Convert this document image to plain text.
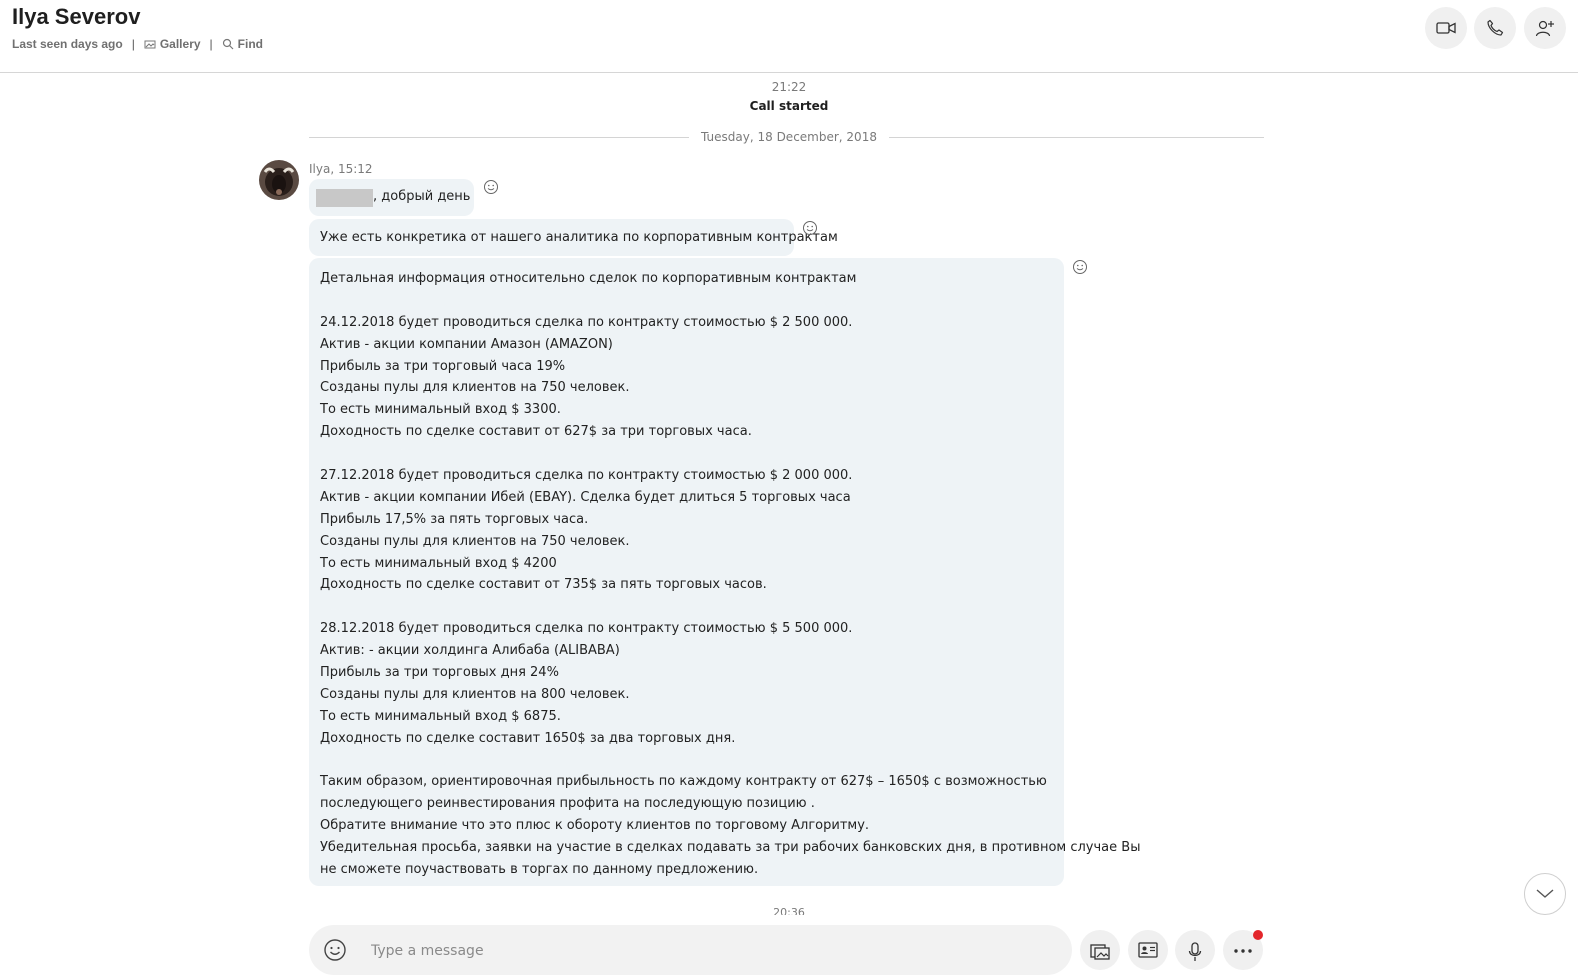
Ilya Severov
Last seen days ago | Gallery | Find
21:22
Call started
Tuesday, 18 December, 2018
Ilya, 15:12
, добрый день
Уже есть конкретика от нашего аналитика по корпоративным контрактам
Детальная информация относительно сделок по корпоративным контрактам
24.12.2018 будет проводиться сделка по контракту стоимостью $ 2 500 000.
Актив - акции компании Амазон (AMAZON)
Прибыль за три торговый часа 19%
Созданы пулы для клиентов на 750 человек.
То есть минимальный вход $ 3300.
Доходность по сделке составит от 627$ за три торговых часа.
27.12.2018 будет проводиться сделка по контракту стоимостью $ 2 000 000.
Актив - акции компании Ибей (EBAY). Сделка будет длиться 5 торговых часа
Прибыль 17,5% за пять торговых часа.
Созданы пулы для клиентов на 750 человек.
То есть минимальный вход $ 4200
Доходность по сделке составит от 735$ за пять торговых часов.
28.12.2018 будет проводиться сделка по контракту стоимостью $ 5 500 000.
Актив: - акции холдинга Алибаба (ALIBABA)
Прибыль за три торговых дня 24%
Созданы пулы для клиентов на 800 человек.
То есть минимальный вход $ 6875.
Доходность по сделке составит 1650$ за два торговых дня.
Таким образом, ориентировочная прибыльность по каждому контракту от 627$ – 1650$ с возможностью
последующего реинвестирования профита на последующую позицию .
Обратите внимание что это плюс к обороту клиентов по торговому Алгоритму.
Убедительная просьба, заявки на участие в сделках подавать за три рабочих банковских дня, в противном случае Вы
не сможете поучаствовать в торгах по данному предложению.
20:36
Type a message
